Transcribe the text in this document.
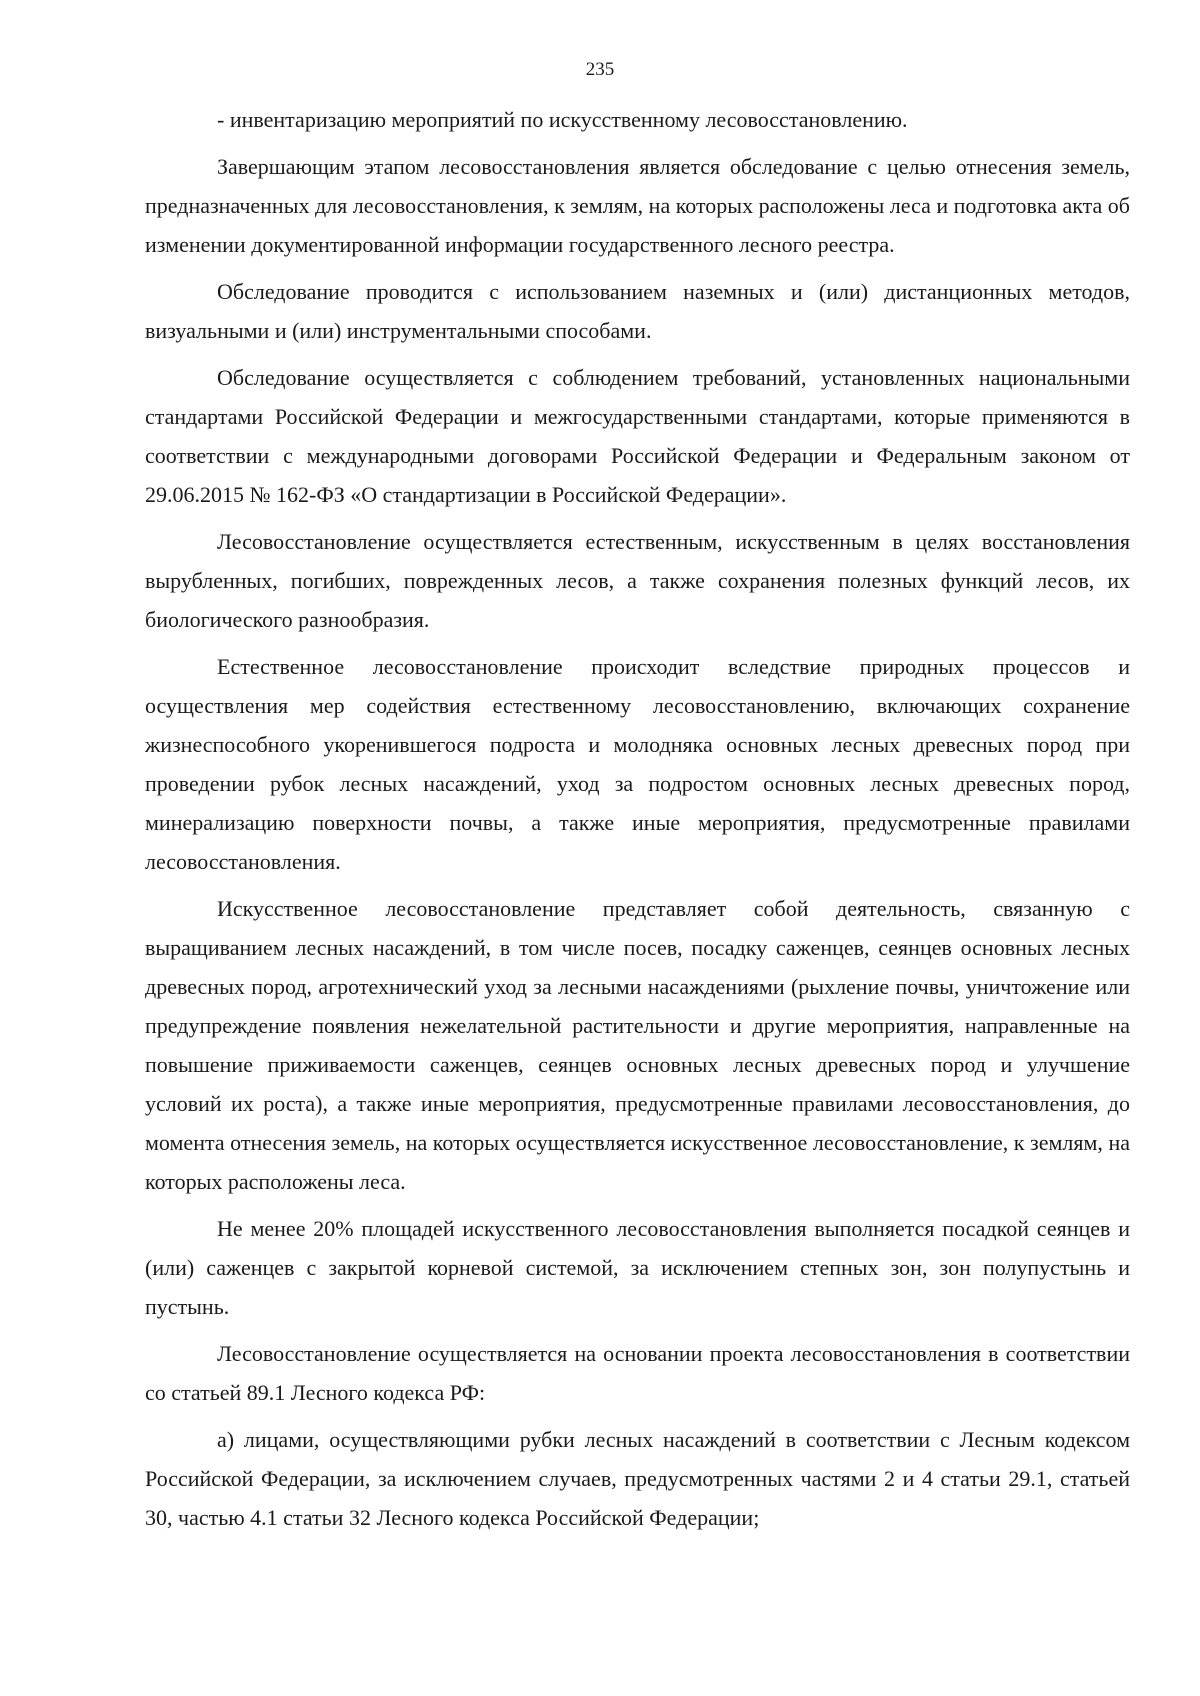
235

- инвентаризацию мероприятий по искусственному лесовосстановлению.

Завершающим этапом лесовосстановления является обследование с целью отнесения земель, предназначенных для лесовосстановления, к землям, на которых расположены леса и подготовка акта об изменении документированной информации государственного лесного реестра.

Обследование проводится с использованием наземных и (или) дистанционных методов, визуальными и (или) инструментальными способами.

Обследование осуществляется с соблюдением требований, установленных национальными стандартами Российской Федерации и межгосударственными стандартами, которые применяются в соответствии с международными договорами Российской Федерации и Федеральным законом от 29.06.2015 № 162-ФЗ «О стандартизации в Российской Федерации».

Лесовосстановление осуществляется естественным, искусственным в целях восстановления вырубленных, погибших, поврежденных лесов, а также сохранения полезных функций лесов, их биологического разнообразия.

Естественное лесовосстановление происходит вследствие природных процессов и осуществления мер содействия естественному лесовосстановлению, включающих сохранение жизнеспособного укоренившегося подроста и молодняка основных лесных древесных пород при проведении рубок лесных насаждений, уход за подростом основных лесных древесных пород, минерализацию поверхности почвы, а также иные мероприятия, предусмотренные правилами лесовосстановления.

Искусственное лесовосстановление представляет собой деятельность, связанную с выращиванием лесных насаждений, в том числе посев, посадку саженцев, сеянцев основных лесных древесных пород, агротехнический уход за лесными насаждениями (рыхление почвы, уничтожение или предупреждение появления нежелательной растительности и другие мероприятия, направленные на повышение приживаемости саженцев, сеянцев основных лесных древесных пород и улучшение условий их роста), а также иные мероприятия, предусмотренные правилами лесовосстановления, до момента отнесения земель, на которых осуществляется искусственное лесовосстановление, к землям, на которых расположены леса.

Не менее 20% площадей искусственного лесовосстановления выполняется посадкой сеянцев и (или) саженцев с закрытой корневой системой, за исключением степных зон, зон полупустынь и пустынь.

Лесовосстановление осуществляется на основании проекта лесовосстановления в соответствии со статьей 89.1 Лесного кодекса РФ:

а) лицами, осуществляющими рубки лесных насаждений в соответствии с Лесным кодексом Российской Федерации, за исключением случаев, предусмотренных частями 2 и 4 статьи 29.1, статьей 30, частью 4.1 статьи 32 Лесного кодекса Российской Федерации;
